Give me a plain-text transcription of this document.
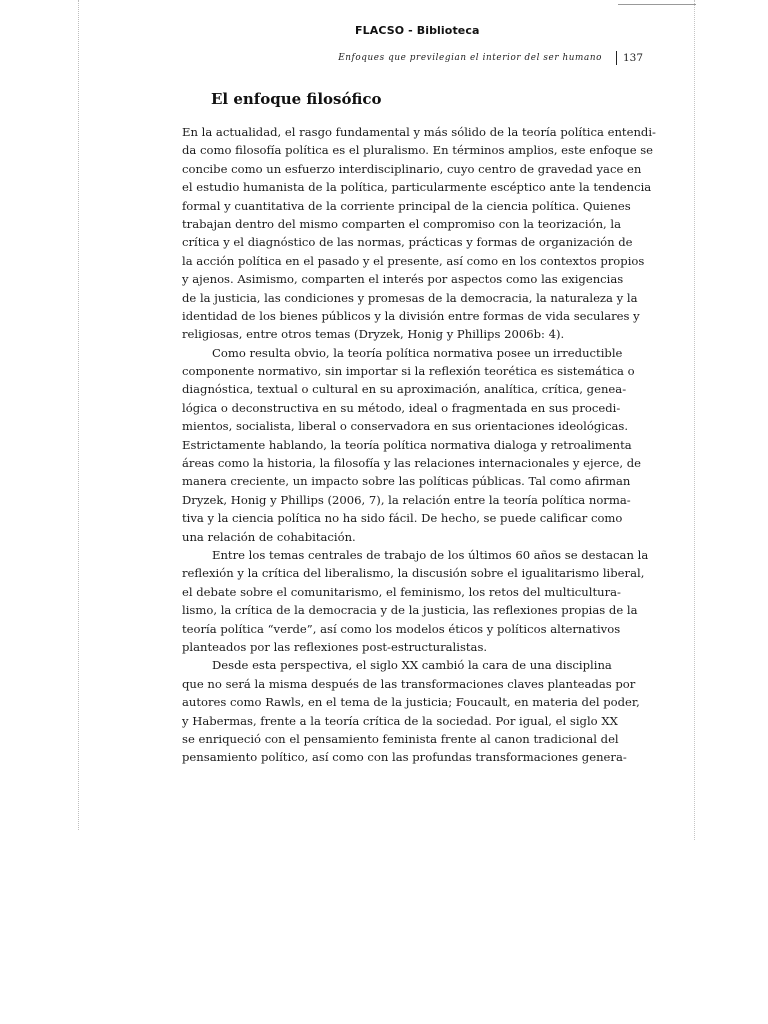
FLACSO - Biblioteca
Enfoques que previlegian el interior del ser humano 137
El enfoque filosófico
En la actualidad, el rasgo fundamental y más sólido de la teoría política entendi-
da como filosofía política es el pluralismo. En términos amplios, este enfoque se
concibe como un esfuerzo interdisciplinario, cuyo centro de gravedad yace en
el estudio humanista de la política, particularmente escéptico ante la tendencia
formal y cuantitativa de la corriente principal de la ciencia política. Quienes
trabajan dentro del mismo comparten el compromiso con la teorización, la
crítica y el diagnóstico de las normas, prácticas y formas de organización de
la acción política en el pasado y el presente, así como en los contextos propios
y ajenos. Asimismo, comparten el interés por aspectos como las exigencias
de la justicia, las condiciones y promesas de la democracia, la naturaleza y la
identidad de los bienes públicos y la división entre formas de vida seculares y
religiosas, entre otros temas (Dryzek, Honig y Phillips 2006b: 4).
Como resulta obvio, la teoría política normativa posee un irreductible
componente normativo, sin importar si la reflexión teorética es sistemática o
diagnóstica, textual o cultural en su aproximación, analítica, crítica, genea-
lógica o deconstructiva en su método, ideal o fragmentada en sus procedi-
mientos, socialista, liberal o conservadora en sus orientaciones ideológicas.
Estrictamente hablando, la teoría política normativa dialoga y retroalimenta
áreas como la historia, la filosofía y las relaciones internacionales y ejerce, de
manera creciente, un impacto sobre las políticas públicas. Tal como afirman
Dryzek, Honig y Phillips (2006, 7), la relación entre la teoría política norma-
tiva y la ciencia política no ha sido fácil. De hecho, se puede calificar como
una relación de cohabitación.
Entre los temas centrales de trabajo de los últimos 60 años se destacan la
reflexión y la crítica del liberalismo, la discusión sobre el igualitarismo liberal,
el debate sobre el comunitarismo, el feminismo, los retos del multicultura-
lismo, la crítica de la democracia y de la justicia, las reflexiones propias de la
teoría política “verde”, así como los modelos éticos y políticos alternativos
planteados por las reflexiones post-estructuralistas.
Desde esta perspectiva, el siglo XX cambió la cara de una disciplina
que no será la misma después de las transformaciones claves planteadas por
autores como Rawls, en el tema de la justicia; Foucault, en materia del poder,
y Habermas, frente a la teoría crítica de la sociedad. Por igual, el siglo XX
se enriqueció con el pensamiento feminista frente al canon tradicional del
pensamiento político, así como con las profundas transformaciones genera-
